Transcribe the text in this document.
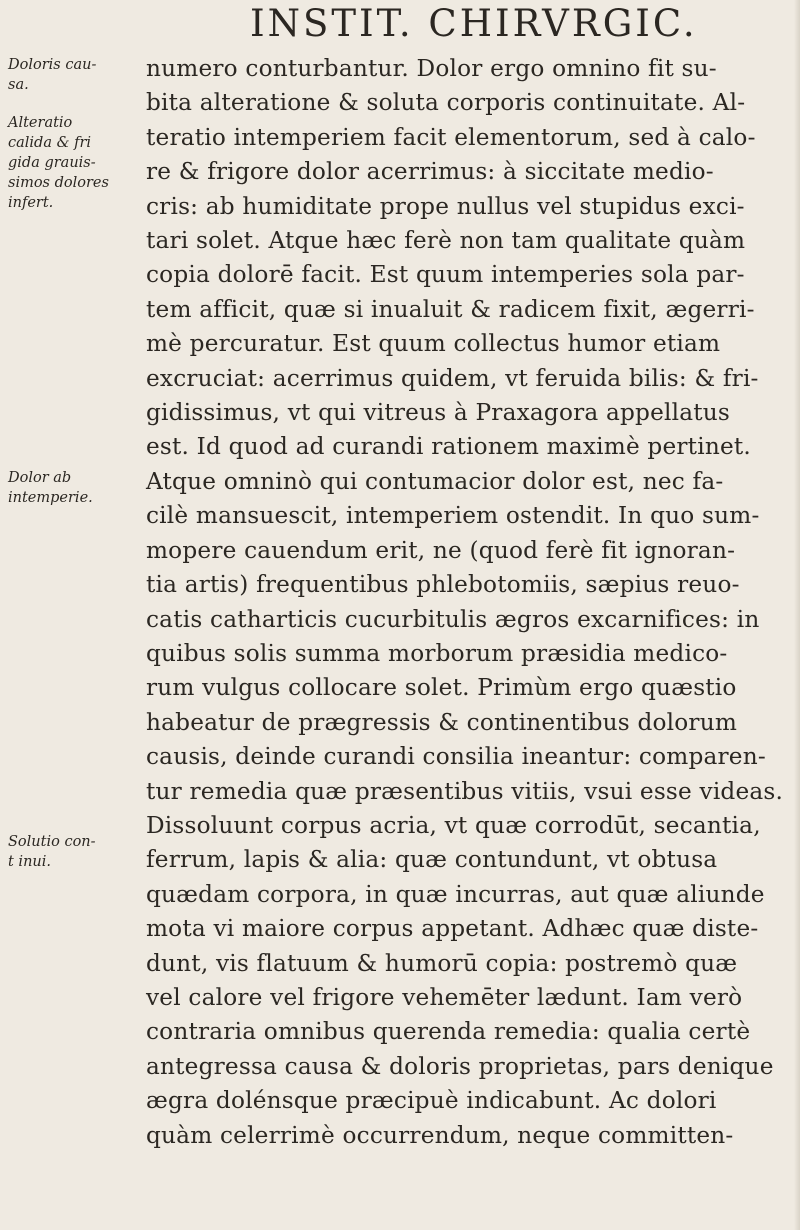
INSTIT. CHIRVRGIC.
Doloris cau-
sa.
Alteratio
calida & fri
gida grauis-
simos dolores
infert.
Dolor ab
intemperie.
Solutio con-
t inui.
numero conturbantur. Dolor ergo omnino fit su-
bita alteratione & soluta corporis continuitate. Al-
teratio intemperiem facit elementorum, sed à calo-
re & frigore dolor acerrimus: à siccitate medio-
cris: ab humiditate prope nullus vel stupidus exci-
tari solet. Atque hæc ferè non tam qualitate quàm
copia dolorē facit. Est quum intemperies sola par-
tem afficit, quæ si inualuit & radicem fixit, ægerri-
mè percuratur. Est quum collectus humor etiam
excruciat: acerrimus quidem, vt feruida bilis: & fri-
gidissimus, vt qui vitreus à Praxagora appellatus
est. Id quod ad curandi rationem maximè pertinet.
Atque omninò qui contumacior dolor est, nec fa-
cilè mansuescit, intemperiem ostendit. In quo sum-
mopere cauendum erit, ne (quod ferè fit ignoran-
tia artis) frequentibus phlebotomiis, sæpius reuo-
catis catharticis cucurbitulis ægros excarnifices: in
quibus solis summa morborum præsidia medico-
rum vulgus collocare solet. Primùm ergo quæstio
habeatur de prægressis & continentibus dolorum
causis, deinde curandi consilia ineantur: comparen-
tur remedia quæ præsentibus vitiis, vsui esse videas.
Dissoluunt corpus acria, vt quæ corrodūt, secantia,
ferrum, lapis & alia: quæ contundunt, vt obtusa
quædam corpora, in quæ incurras, aut quæ aliunde
mota vi maiore corpus appetant. Adhæc quæ diste-
dunt, vis flatuum & humorū copia: postremò quæ
vel calore vel frigore vehemēter lædunt. Iam verò
contraria omnibus querenda remedia: qualia certè
antegressa causa & doloris proprietas, pars denique
ægra dolénsque præcipuè indicabunt. Ac dolori
quàm celerrimè occurrendum, neque committen-
